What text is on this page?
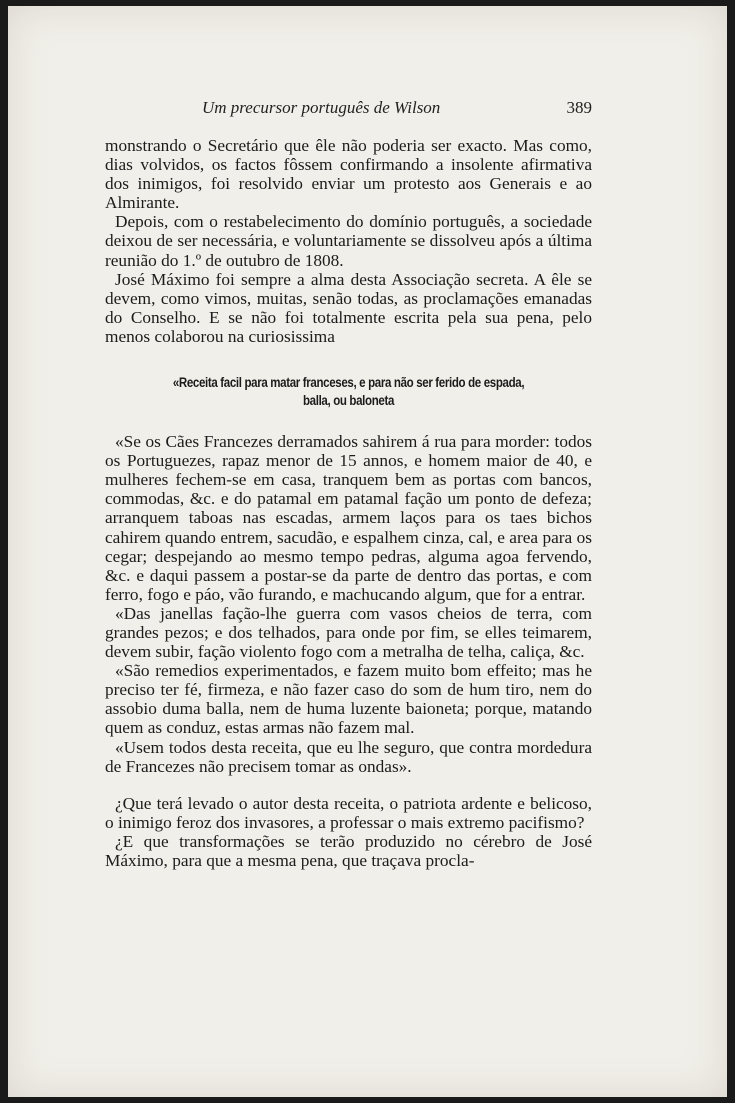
Um precursor português de Wilson	389

monstrando o Secretário que êle não poderia ser exacto. Mas como, dias volvidos, os factos fôssem confirmando a insolente afirmativa dos inimigos, foi resolvido enviar um protesto aos Generais e ao Almirante.

Depois, com o restabelecimento do domínio português, a sociedade deixou de ser necessária, e voluntariamente se dissolveu após a última reunião do 1.º de outubro de 1808.

José Máximo foi sempre a alma desta Associação secreta. A êle se devem, como vimos, muitas, senão todas, as proclamações emanadas do Conselho. E se não foi totalmente escrita pela sua pena, pelo menos colaborou na curiosissima

«Receita facil para matar franceses, e para não ser ferido de espada,
balla, ou baloneta

«Se os Cães Francezes derramados sahirem á rua para morder: todos os Portuguezes, rapaz menor de 15 annos, e homem maior de 40, e mulheres fechem-se em casa, tranquem bem as portas com bancos, commodas, &c. e do patamal em patamal fação um ponto de defeza; arranquem taboas nas escadas, armem laços para os taes bichos cahirem quando entrem, sacudão, e espalhem cinza, cal, e area para os cegar; despejando ao mesmo tempo pedras, alguma agoa fervendo, &c. e daqui passem a postar-se da parte de dentro das portas, e com ferro, fogo e páo, vão furando, e machucando algum, que for a entrar.

«Das janellas fação-lhe guerra com vasos cheios de terra, com grandes pezos; e dos telhados, para onde por fim, se elles teimarem, devem subir, fação violento fogo com a metralha de telha, caliça, &c.

«São remedios experimentados, e fazem muito bom effeito; mas he preciso ter fé, firmeza, e não fazer caso do som de hum tiro, nem do assobio duma balla, nem de huma luzente baioneta; porque, matando quem as conduz, estas armas não fazem mal.

«Usem todos desta receita, que eu lhe seguro, que contra mordedura de Francezes não precisem tomar as ondas».

¿Que terá levado o autor desta receita, o patriota ardente e belicoso, o inimigo feroz dos invasores, a professar o mais extremo pacifismo?

¿E que transformações se terão produzido no cérebro de José Máximo, para que a mesma pena, que traçava procla-
